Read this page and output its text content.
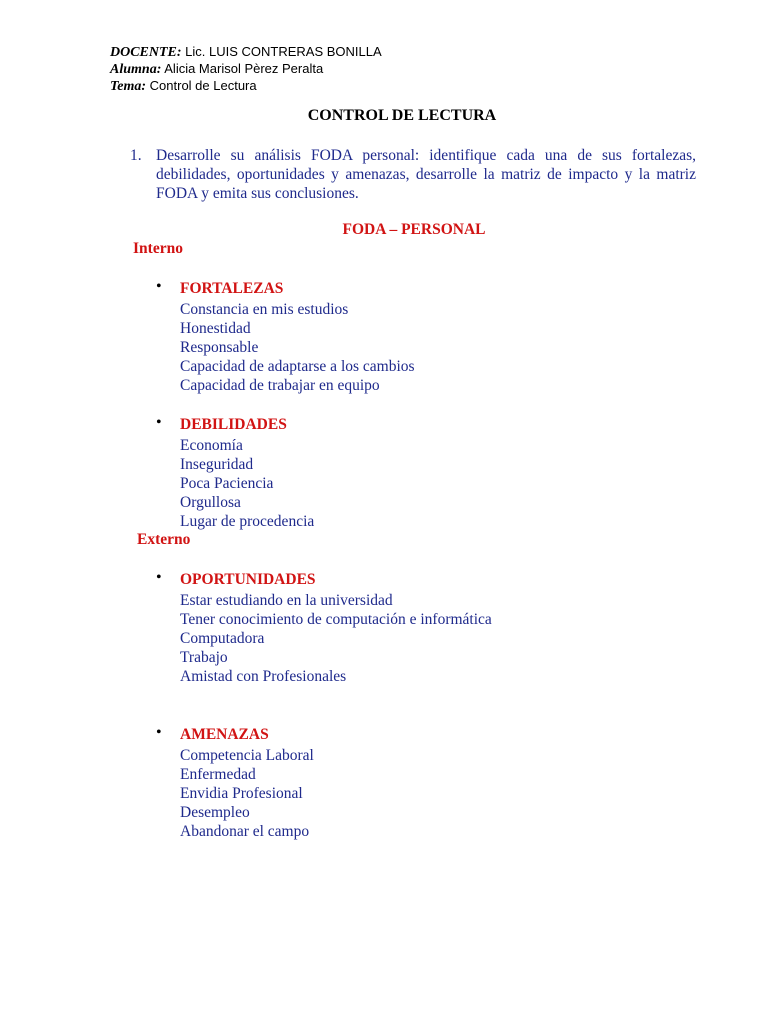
DOCENTE: Lic. LUIS CONTRERAS BONILLA
Alumna: Alicia Marisol Pèrez Peralta
Tema: Control de Lectura
CONTROL DE LECTURA
1. Desarrolle su análisis FODA personal: identifique cada una de sus fortalezas, debilidades, oportunidades y amenazas, desarrolle la matriz de impacto y la matriz FODA y emita sus conclusiones.
FODA – PERSONAL
Interno
• FORTALEZAS
Constancia en mis estudios
Honestidad
Responsable
Capacidad de adaptarse a los cambios
Capacidad de trabajar en equipo
• DEBILIDADES
Economía
Inseguridad
Poca Paciencia
Orgullosa
Lugar de procedencia
Externo
• OPORTUNIDADES
Estar estudiando en la universidad
Tener conocimiento de computación e informática
Computadora
Trabajo
Amistad con Profesionales
• AMENAZAS
Competencia Laboral
Enfermedad
Envidia Profesional
Desempleo
Abandonar el campo
